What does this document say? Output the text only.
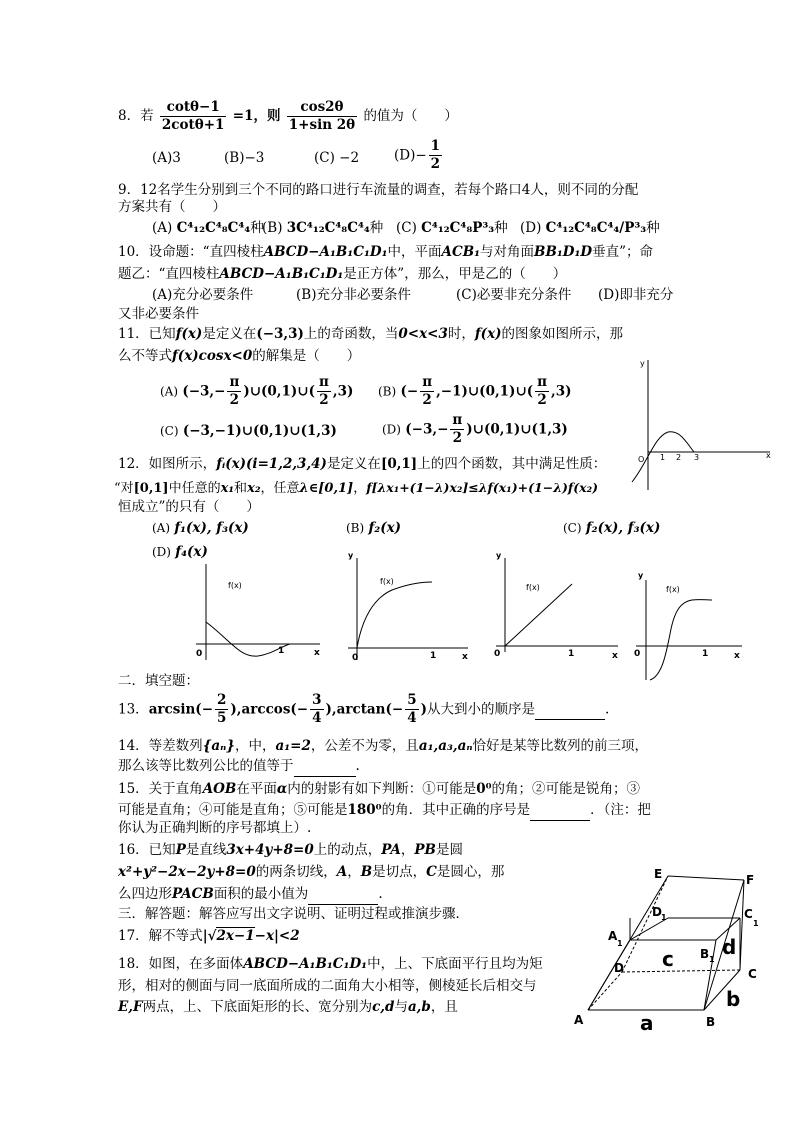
8．若 $\frac{\cot\theta-1}{2\cot\theta+1} =1$，则 $\frac{\cos 2\theta}{1+\sin 2\theta}$ 的值为（　　）
(A)3	(B)−3	(C) −2	$(D)- \frac{1}{2}$
9．12名学生分别到三个不同的路口进行车流量的调查，若每个路口4人，则不同的分配
方案共有（　　）
(A) C⁴₁₂C⁴₈C⁴₄种
(B) 3C⁴₁₂C⁴₈C⁴₄种 (C) C⁴₁₂C⁴₈P³₃种 (D) C⁴₁₂C⁴₈C⁴₄/P³₃种
10．设命题：“直四棱柱ABCD−A₁B₁C₁D₁中，平面ACB₁与对角面BB₁D₁D垂直”；命
题乙：“直四棱柱ABCD−A₁B₁C₁D₁是正方体”，那么，甲是乙的（　　）
(A)充分必要条件	(B)充分非必要条件	(C)必要非充分条件 (D)即非充分
又非必要条件
11．已知f(x)是定义在(−3,3)上的奇函数，当0<x<3时，f(x)的图象如图所示，那
么不等式f(x)cosx<0的解集是（　　）
(A) ($-3,- \frac{\pi}{2}$ )∪(0,1)∪( $\frac{\pi}{2} ,3$) (B) (− $\frac{\pi}{2}$ ,−1)∪(0,1)∪( $\frac{\pi}{2} ,3$)
(C) (−3,−1)∪(0,1)∪(1,3)	(D) ($-3,- \frac{\pi}{2}$ )∪(0,1)∪(1,3)
y
x
O 1 2 3
12．如图所示，fᵢ(x)(i=1,2,3,4)是定义在[0,1]上的四个函数，其中满足性质：
“对[0,1]中任意的x₁和x₂，任意λ∈[0,1]，f[λx₁+(1−λ)x₂]≤λf(x₁)+(1−λ)f(x₂)
恒成立”的只有（　　）
(A) f₁(x), f₃(x)	(B) f₂(x)	(C) f₂(x), f₃(x)
(D) f₄(x)
f(x)
0	1	x
y
f(x)
0	1	x
y
f(x)
0	1	x
y
f(x)
0	1	x
二．填空题：
13．$\arcsin(- \frac{2}{5} ),\arccos(- \frac{3}{4} ),\arctan(- \frac{5}{4}$ )从大到小的顺序是	.
14．等差数列{aₙ}，中，a₁=2，公差不为零，且a₁,a₃,aₙ恰好是某等比数列的前三项，
那么该等比数列公比的值等于	.
15．关于直角AOB在平面α内的射影有如下判断：①可能是0⁰的角；②可能是锐角；③
可能是直角；④可能是直角；⑤可能是180⁰的角．其中正确的序号是	．（注：把
你认为正确判断的序号都填上）.
16．已知P是直线3x+4y+8=0上的动点，PA，PB是圆
x²+y²−2x−2y+8=0的两条切线，A，B是切点，C是圆心，那
么四边形PACB面积的最小值为	.
三．解答题：解答应写出文字说明、证明过程或推演步骤．
17．解不等式|√2x−1−x|<2
18．如图，在多面体ABCD−A₁B₁C₁D₁中，上、下底面平行且均为矩
形，相对的侧面与同一底面所成的二面角大小相等，侧棱延长后相交与
E,F两点，上、下底面矩形的长、宽分别为c,d与a,b，且
E	F
D 1	C
1
A
1
B 1
D	C
A	B
a
b
c d
